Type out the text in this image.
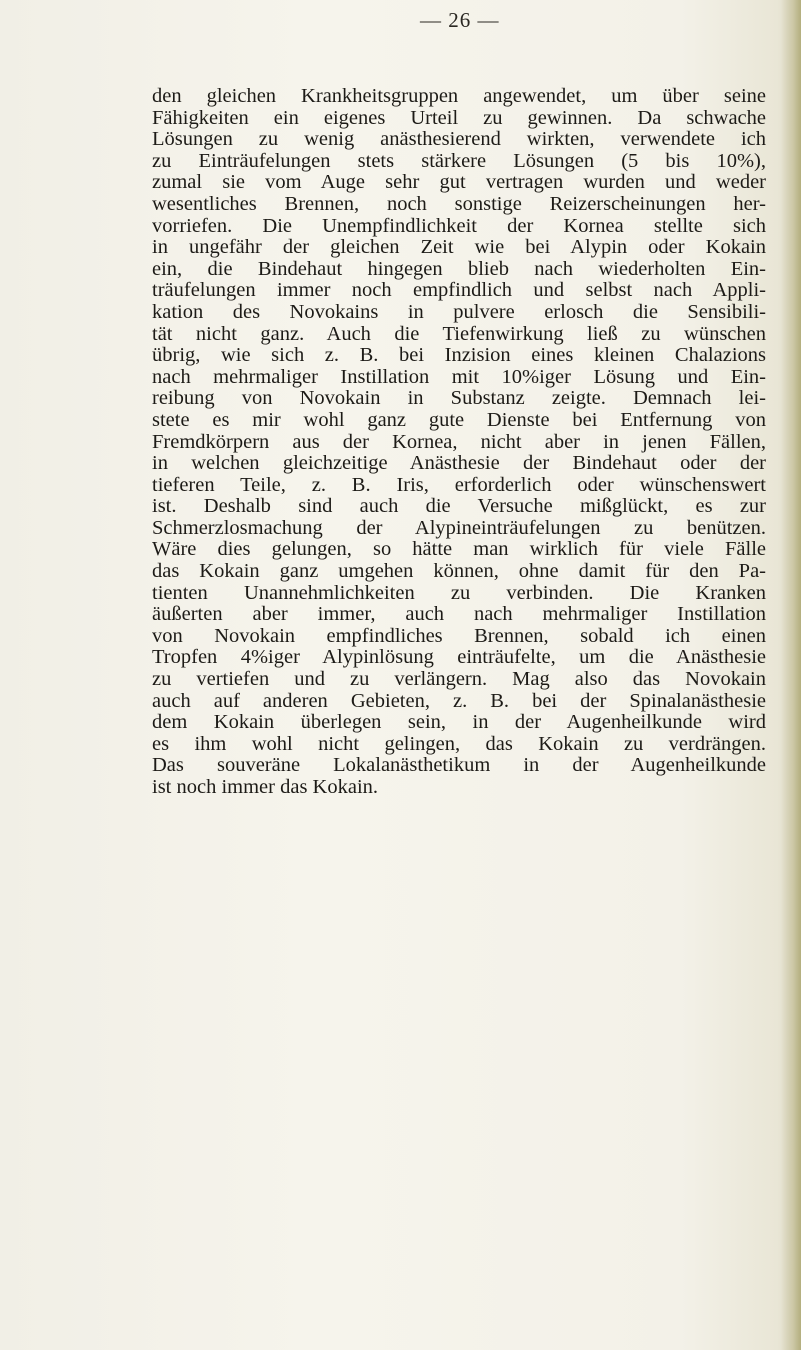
— 26 —
den gleichen Krankheitsgruppen angewendet, um über seine
Fähigkeiten ein eigenes Urteil zu gewinnen. Da schwache
Lösungen zu wenig anästhesierend wirkten, verwendete ich
zu Einträufelungen stets stärkere Lösungen (5 bis 10%),
zumal sie vom Auge sehr gut vertragen wurden und weder
wesentliches Brennen, noch sonstige Reizerscheinungen her-
vorriefen. Die Unempfindlichkeit der Kornea stellte sich
in ungefähr der gleichen Zeit wie bei Alypin oder Kokain
ein, die Bindehaut hingegen blieb nach wiederholten Ein-
träufelungen immer noch empfindlich und selbst nach Appli-
kation des Novokains in pulvere erlosch die Sensibili-
tät nicht ganz. Auch die Tiefenwirkung ließ zu wünschen
übrig, wie sich z. B. bei Inzision eines kleinen Chalazions
nach mehrmaliger Instillation mit 10%iger Lösung und Ein-
reibung von Novokain in Substanz zeigte. Demnach lei-
stete es mir wohl ganz gute Dienste bei Entfernung von
Fremdkörpern aus der Kornea, nicht aber in jenen Fällen,
in welchen gleichzeitige Anästhesie der Bindehaut oder der
tieferen Teile, z. B. Iris, erforderlich oder wünschenswert
ist. Deshalb sind auch die Versuche mißglückt, es zur
Schmerzlosmachung der Alypineinträufelungen zu benützen.
Wäre dies gelungen, so hätte man wirklich für viele Fälle
das Kokain ganz umgehen können, ohne damit für den Pa-
tienten Unannehmlichkeiten zu verbinden. Die Kranken
äußerten aber immer, auch nach mehrmaliger Instillation
von Novokain empfindliches Brennen, sobald ich einen
Tropfen 4%iger Alypinlösung einträufelte, um die Anästhesie
zu vertiefen und zu verlängern. Mag also das Novokain
auch auf anderen Gebieten, z. B. bei der Spinalanästhesie
dem Kokain überlegen sein, in der Augenheilkunde wird
es ihm wohl nicht gelingen, das Kokain zu verdrängen.
Das souveräne Lokalanästhetikum in der Augenheilkunde
ist noch immer das Kokain.
